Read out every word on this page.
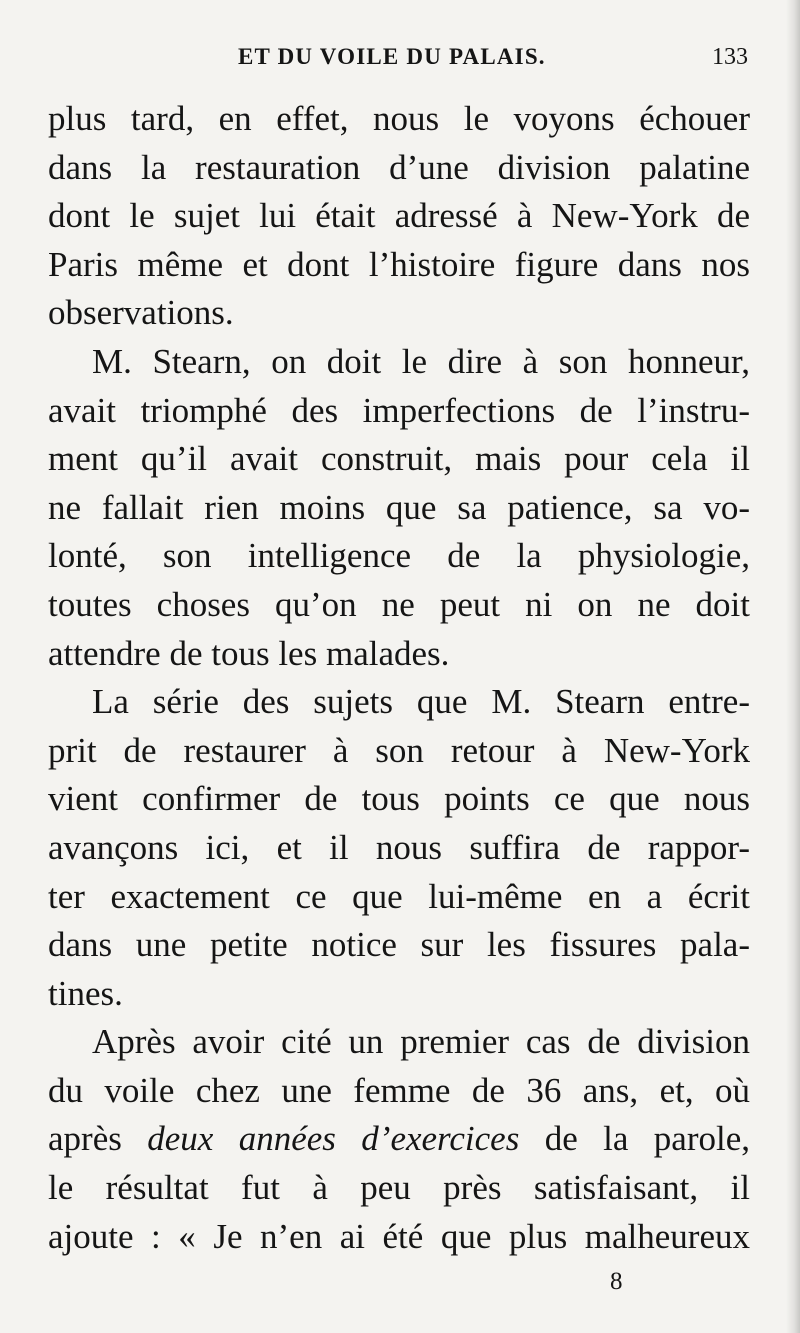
ET DU VOILE DU PALAIS.	133
plus tard, en effet, nous le voyons échouer
dans la restauration d’une division palatine
dont le sujet lui était adressé à New-York de
Paris même et dont l’histoire figure dans nos
observations.
M. Stearn, on doit le dire à son honneur,
avait triomphé des imperfections de l’instru-
ment qu’il avait construit, mais pour cela il
ne fallait rien moins que sa patience, sa vo-
lonté, son intelligence de la physiologie,
toutes choses qu’on ne peut ni on ne doit
attendre de tous les malades.
La série des sujets que M. Stearn entre-
prit de restaurer à son retour à New-York
vient confirmer de tous points ce que nous
avançons ici, et il nous suffira de rappor-
ter exactement ce que lui-même en a écrit
dans une petite notice sur les fissures pala-
tines.
Après avoir cité un premier cas de division
du voile chez une femme de 36 ans, et, où
après deux années d’exercices de la parole,
le résultat fut à peu près satisfaisant, il
ajoute : « Je n’en ai été que plus malheureux
8
